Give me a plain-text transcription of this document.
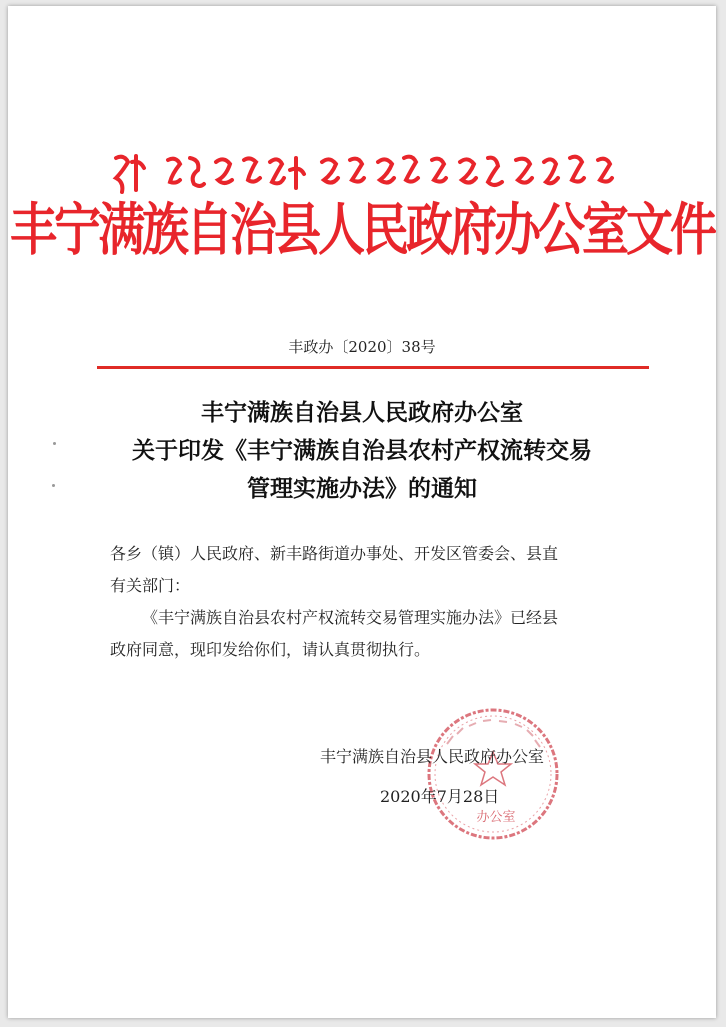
丰宁满族自治县人民政府办公室文件
丰政办〔2020〕38号
丰宁满族自治县人民政府办公室
关于印发《丰宁满族自治县农村产权流转交易
管理实施办法》的通知

各乡（镇）人民政府、新丰路街道办事处、开发区管委会、县直

有关部门：

《丰宁满族自治县农村产权流转交易管理实施办法》已经县

政府同意，现印发给你们，请认真贯彻执行。

办公室
丰宁满族自治县人民政府办公室
2020年7月28日
